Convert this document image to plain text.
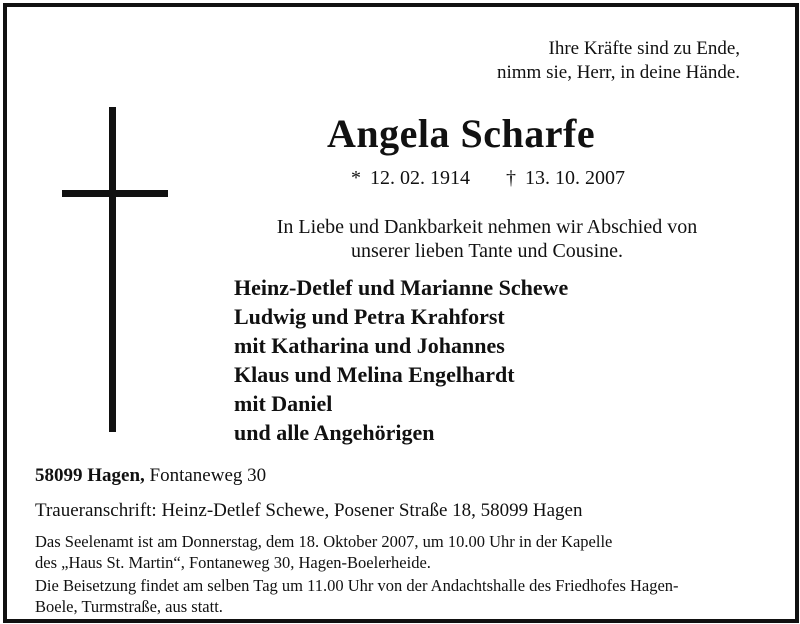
Ihre Kräfte sind zu Ende,
nimm sie, Herr, in deine Hände.
Angela Scharfe
* 12. 02. 1914 † 13. 10. 2007
In Liebe und Dankbarkeit nehmen wir Abschied von
unserer lieben Tante und Cousine.
Heinz-Detlef und Marianne Schewe
Ludwig und Petra Krahforst
mit Katharina und Johannes
Klaus und Melina Engelhardt
mit Daniel
und alle Angehörigen
58099 Hagen, Fontaneweg 30
Traueranschrift: Heinz-Detlef Schewe, Posener Straße 18, 58099 Hagen
Das Seelenamt ist am Donnerstag, dem 18. Oktober 2007, um 10.00 Uhr in der Kapelle
des „Haus St. Martin“, Fontaneweg 30, Hagen-Boelerheide.
Die Beisetzung findet am selben Tag um 11.00 Uhr von der Andachtshalle des Friedhofes Hagen-
Boele, Turmstraße, aus statt.
